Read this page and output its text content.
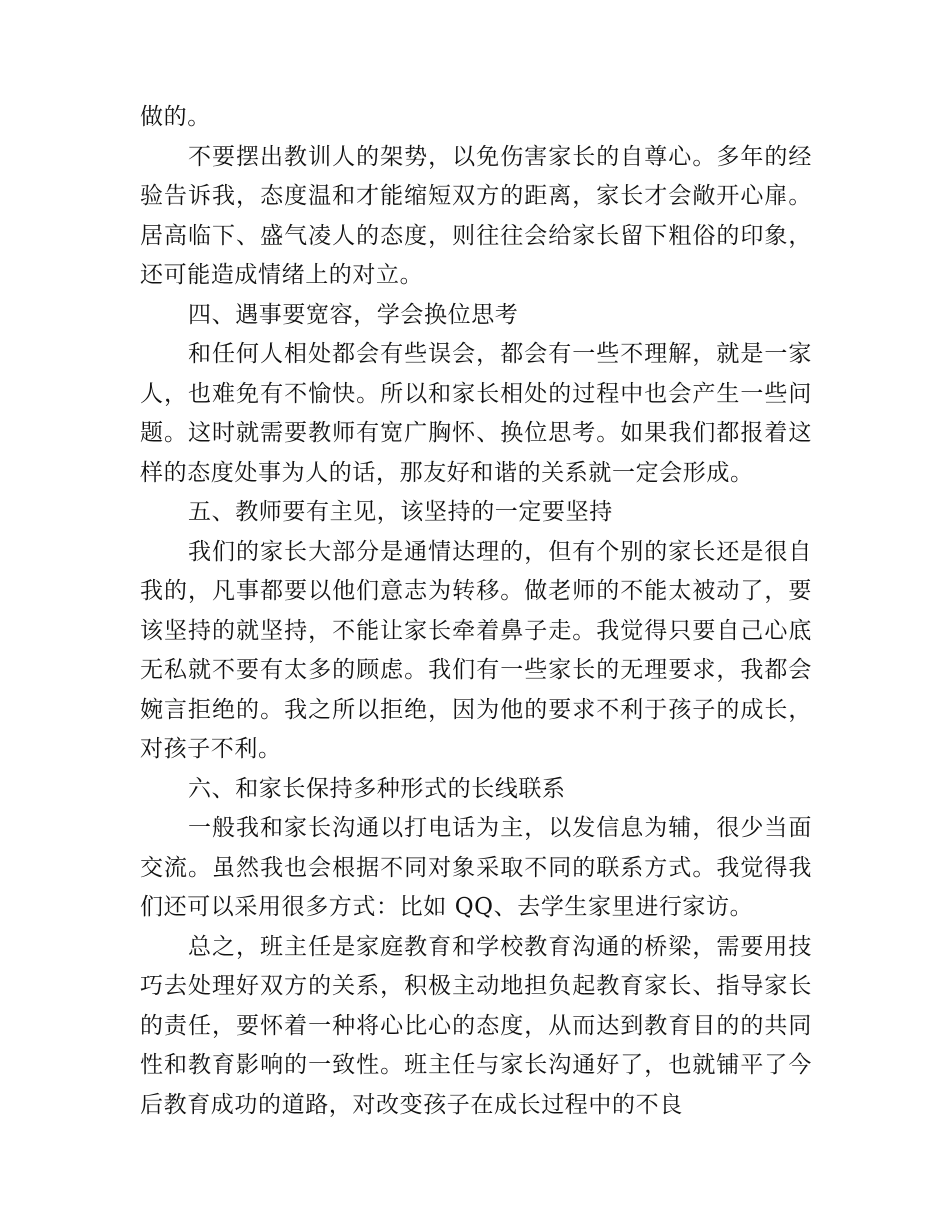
做的。

不要摆出教训人的架势，以免伤害家长的自尊心。多年的经验告诉我，态度温和才能缩短双方的距离，家长才会敞开心扉。居高临下、盛气凌人的态度，则往往会给家长留下粗俗的印象，还可能造成情绪上的对立。

四、遇事要宽容，学会换位思考

和任何人相处都会有些误会，都会有一些不理解，就是一家人，也难免有不愉快。所以和家长相处的过程中也会产生一些问题。这时就需要教师有宽广胸怀、换位思考。如果我们都报着这样的态度处事为人的话，那友好和谐的关系就一定会形成。

五、教师要有主见，该坚持的一定要坚持

我们的家长大部分是通情达理的，但有个别的家长还是很自我的，凡事都要以他们意志为转移。做老师的不能太被动了，要该坚持的就坚持，不能让家长牵着鼻子走。我觉得只要自己心底无私就不要有太多的顾虑。我们有一些家长的无理要求，我都会婉言拒绝的。我之所以拒绝，因为他的要求不利于孩子的成长，对孩子不利。

六、和家长保持多种形式的长线联系

一般我和家长沟通以打电话为主，以发信息为辅，很少当面交流。虽然我也会根据不同对象采取不同的联系方式。我觉得我们还可以采用很多方式：比如 QQ、去学生家里进行家访。

总之，班主任是家庭教育和学校教育沟通的桥梁，需要用技巧去处理好双方的关系，积极主动地担负起教育家长、指导家长的责任，要怀着一种将心比心的态度，从而达到教育目的的共同性和教育影响的一致性。班主任与家长沟通好了，也就铺平了今后教育成功的道路，对改变孩子在成长过程中的不良
